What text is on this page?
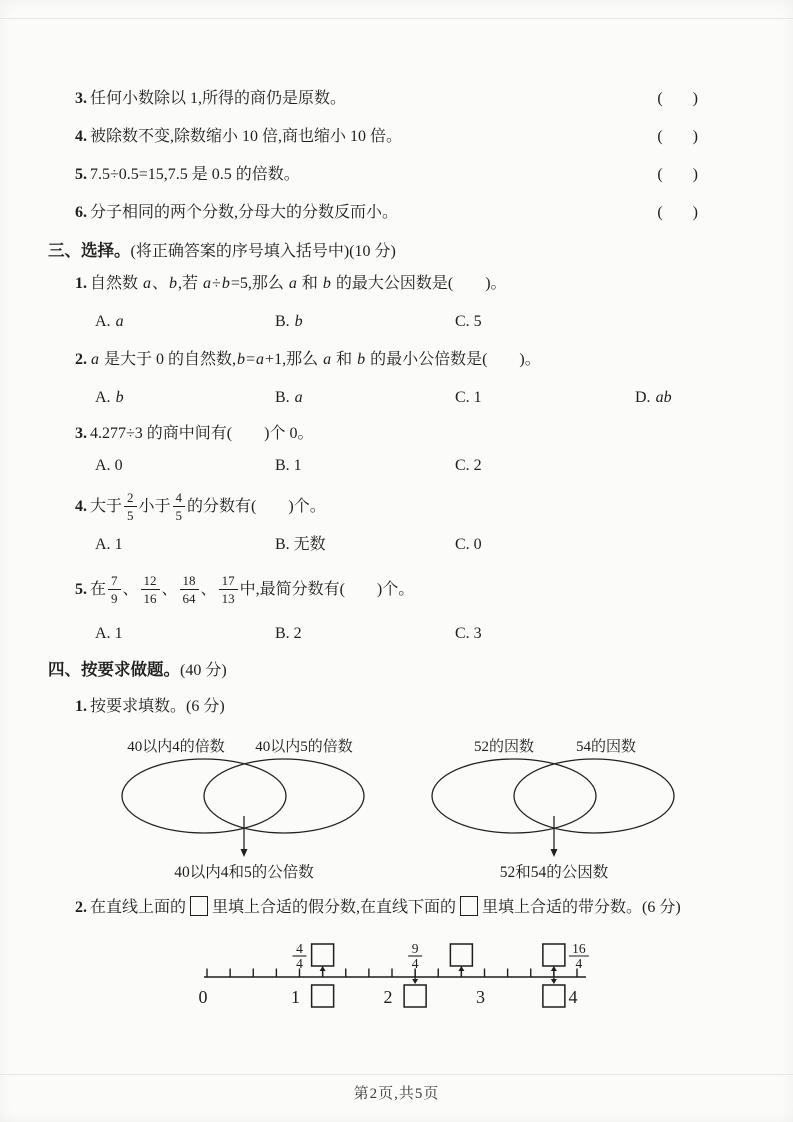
3. 任何小数除以 1,所得的商仍是原数。	( )
4. 被除数不变,除数缩小 10 倍,商也缩小 10 倍。	( )
5. 7.5÷0.5=15,7.5 是 0.5 的倍数。	( )
6. 分子相同的两个分数,分母大的分数反而小。	( )
三、选择。(将正确答案的序号填入括号中)(10 分)

1. 自然数 a、b,若 a÷b=5,那么 a 和 b 的最大公因数是(　　)。

A. a	B. b	C. 5

2. a 是大于 0 的自然数,b=a+1,那么 a 和 b 的最小公倍数是(　　)。

A. b	B. a	C. 1	D. ab

3. 4.277÷3 的商中间有(　　)个 0。

A. 0	B. 1	C. 2

4. 大于 $\frac{2}{5}$ 小于 $\frac{4}{5}$ 的分数有(　　)个。

A. 1	B. 无数	C. 0

5. 在 $\frac{7}{9}$ 、 $\frac{12}{16}$ 、 $\frac{18}{64}$ 、 $\frac{17}{13}$ 中,最简分数有(　　)个。

A. 1	B. 2	C. 3
四、按要求做题。(40 分)

1. 按要求填数。(6 分)

40以内4的倍数 40以内5的倍数
40以内4和5的公倍数
52的因数	54的因数
52和54的公因数

2. 在直线上面的 里填上合适的假分数,在直线下面的 里填上合适的带分数。(6 分)

0	1	2	3	4
4
4
9
4
16
4
第2页,共5页
